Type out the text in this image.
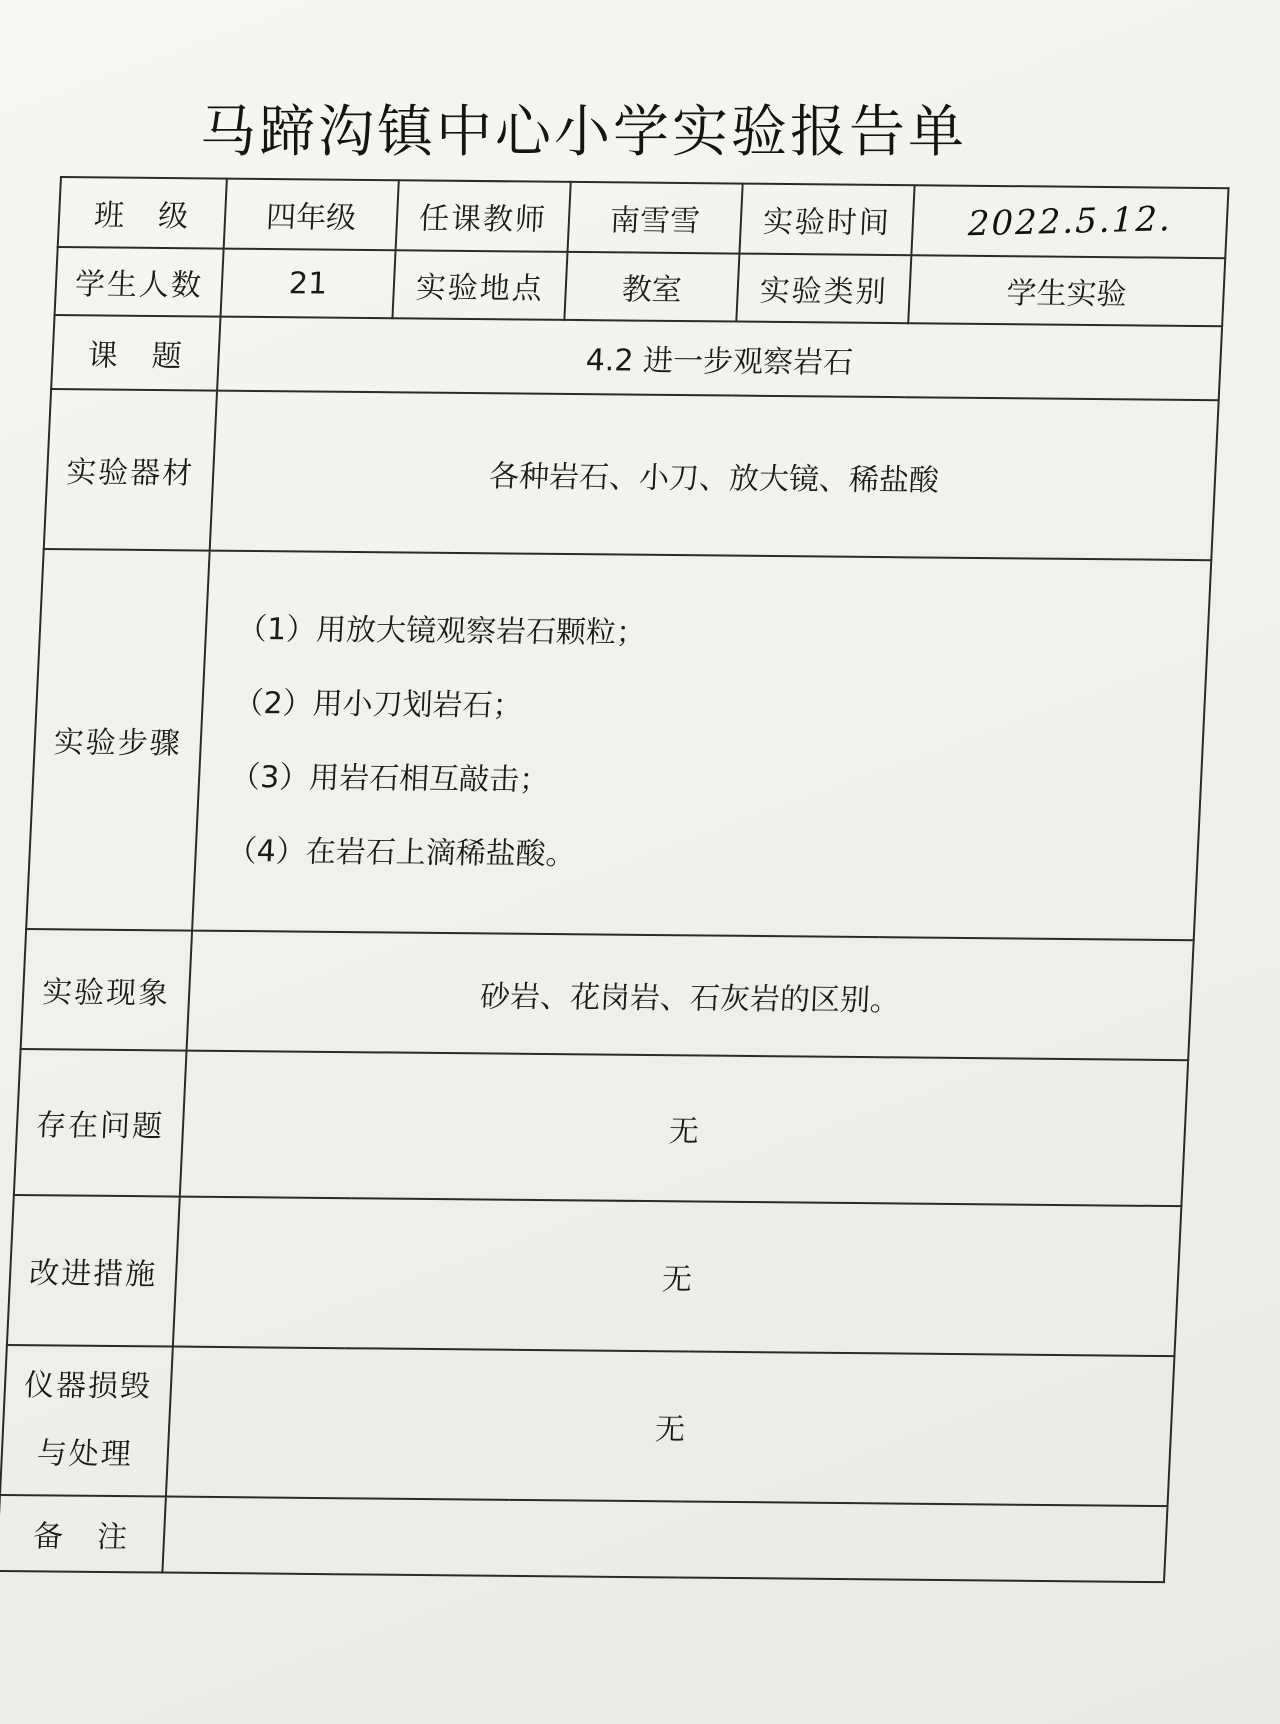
马蹄沟镇中心小学实验报告单
班　级	四年级	任课教师	南雪雪	实验时间	2022.5.12.
学生人数	21	实验地点	教室	实验类别	学生实验
课　题	4.2 进一步观察岩石				
实验器材	各种岩石、小刀、放大镜、稀盐酸				
实验步骤	（1）用放大镜观察岩石颗粒；
（2）用小刀划岩石；
（3）用岩石相互敲击；
（4）在岩石上滴稀盐酸。				

实验现象	砂岩、花岗岩、石灰岩的区别。				
存在问题	无				
改进措施	无				

仪器损毁
与处理	无				
备　注					
